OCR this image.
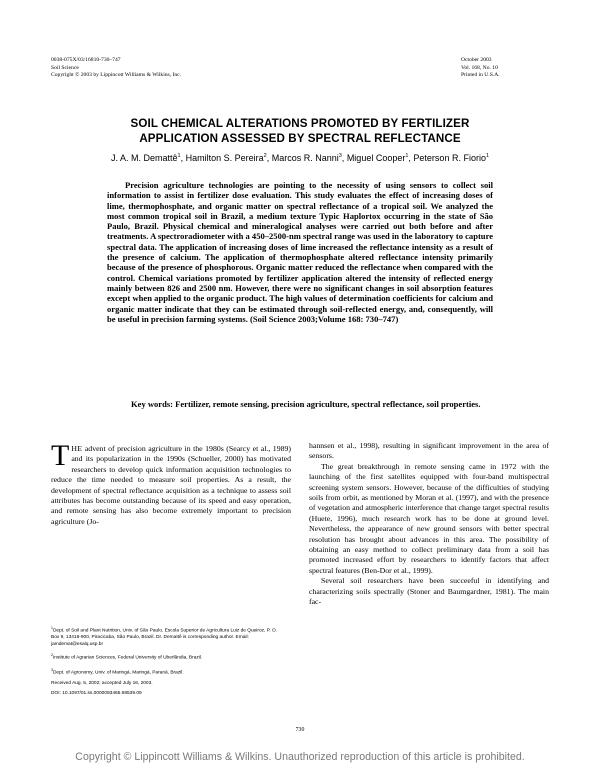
0038-075X/03/16810-730–747
Soil Science
Copyright © 2003 by Lippincott Williams & Wilkins, Inc.
October 2003
Vol. 168, No. 10
Printed in U.S.A.
SOIL CHEMICAL ALTERATIONS PROMOTED BY FERTILIZER
APPLICATION ASSESSED BY SPECTRAL REFLECTANCE
J. A. M. Demattê$^1$, Hamilton S. Pereira$^2$, Marcos R. Nanni$^3$, Miguel Cooper$^1$, Peterson R. Fiorio$^1$

Precision agriculture technologies are pointing to the necessity of using sensors to collect soil information to assist in fertilizer dose evaluation. This study evaluates the effect of increasing doses of lime, thermophosphate, and organic matter on spectral reflectance of a tropical soil. We analyzed the most common tropical soil in Brazil, a medium texture Typic Haplortox occurring in the state of São Paulo, Brazil. Physical chemical and mineralogical analyses were carried out both before and after treatments. A spectroradiometer with a 450–2500-nm spectral range was used in the laboratory to capture spectral data. The application of increasing doses of lime increased the reflectance intensity as a result of the presence of calcium. The application of thermophosphate altered reflectance intensity primarily because of the presence of phosphorous. Organic matter reduced the reflectance when compared with the control. Chemical variations promoted by fertilizer application altered the intensity of reflected energy mainly between 826 and 2500 nm. However, there were no significant changes in soil absorption features except when applied to the organic product. The high values of determination coefficients for calcium and organic matter indicate that they can be estimated through soil-reflected energy, and, consequently, will be useful in precision farming systems. (Soil Science 2003;Volume 168: 730–747)

Key words: Fertilizer, remote sensing, precision agriculture, spectral reflectance, soil properties.

THE advent of precision agriculture in the 1980s (Searcy et al., 1989) and its popularization in the 1990s (Schueller, 2000) has motivated researchers to develop quick information acquisition technologies to reduce the time needed to measure soil properties. As a result, the development of spectral reflectance acquisition as a technique to assess soil attributes has become outstanding because of its speed and easy operation, and remote sensing has also become extremely important to precision agriculture (Jo-

hannsen et al., 1998), resulting in significant improvement in the area of sensors.

The great breakthrough in remote sensing came in 1972 with the launching of the first satellites equipped with four-band multispectral screening system sensors. However, because of the difficulties of studying soils from orbit, as mentioned by Moran et al. (1997), and with the presence of vegetation and atmospheric interference that change target spectral results (Huete, 1996), much research work has to be done at ground level. Nevertheless, the appearance of new ground sensors with better spectral resolution has brought about advances in this area. The possibility of obtaining an easy method to collect preliminary data from a soil has promoted increased effort by researchers to identify factors that affect spectral features (Ben-Dor et al., 1999).

Several soil researchers have been succeeful in identifying and characterizing soils spectrally (Stoner and Baumgardner, 1981). The main fac-

$^1$Dept. of Soil and Plant Nutrition, Univ. of São Paulo, Escola Superior de Agricultura Luiz de Queiroz, P. O. Box 9, 13418-900, Piracicaba, São Paulo, Brazil. Dr. Demattê is corresponding author. Email: jamdemat@esalq.usp.br

$^2$Institute of Agrarian Sciences, Federal University of Uberlândia, Brazil.

$^3$Dept. of Agronomy, Univ. of Maringá, Maringá, Paraná, Brazil.

Received Aug. 5, 2002; accepted July 16, 2003.

DOI: 10.1097/01.ss.0000093465.68539.09

730
Copyright © Lippincott Williams & Wilkins. Unauthorized reproduction of this article is prohibited.
